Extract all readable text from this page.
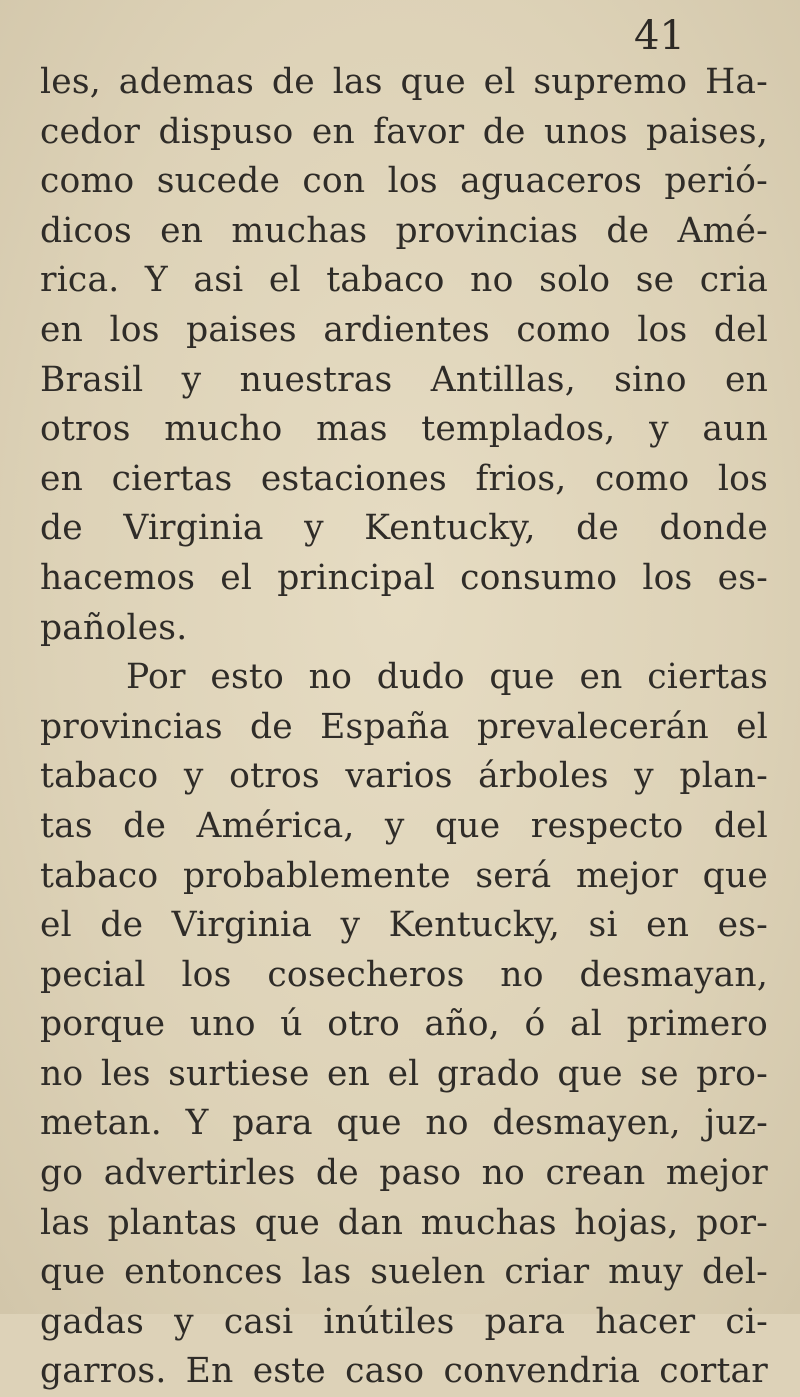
41

les, ademas de las que el supremo Ha-
cedor dispuso en favor de unos paises,
como sucede con los aguaceros perió-
dicos en muchas provincias de Amé-
rica. Y asi el tabaco no solo se cria
en los paises ardientes como los del
Brasil y nuestras Antillas, sino en
otros mucho mas templados, y aun
en ciertas estaciones frios, como los
de Virginia y Kentucky, de donde
hacemos el principal consumo los es-
pañoles.
Por esto no dudo que en ciertas
provincias de España prevalecerán el
tabaco y otros varios árboles y plan-
tas de América, y que respecto del
tabaco probablemente será mejor que
el de Virginia y Kentucky, si en es-
pecial los cosecheros no desmayan,
porque uno ú otro año, ó al primero
no les surtiese en el grado que se pro-
metan. Y para que no desmayen, juz-
go advertirles de paso no crean mejor
las plantas que dan muchas hojas, por-
que entonces las suelen criar muy del-
gadas y casi inútiles para hacer ci-
garros. En este caso convendria cortar
